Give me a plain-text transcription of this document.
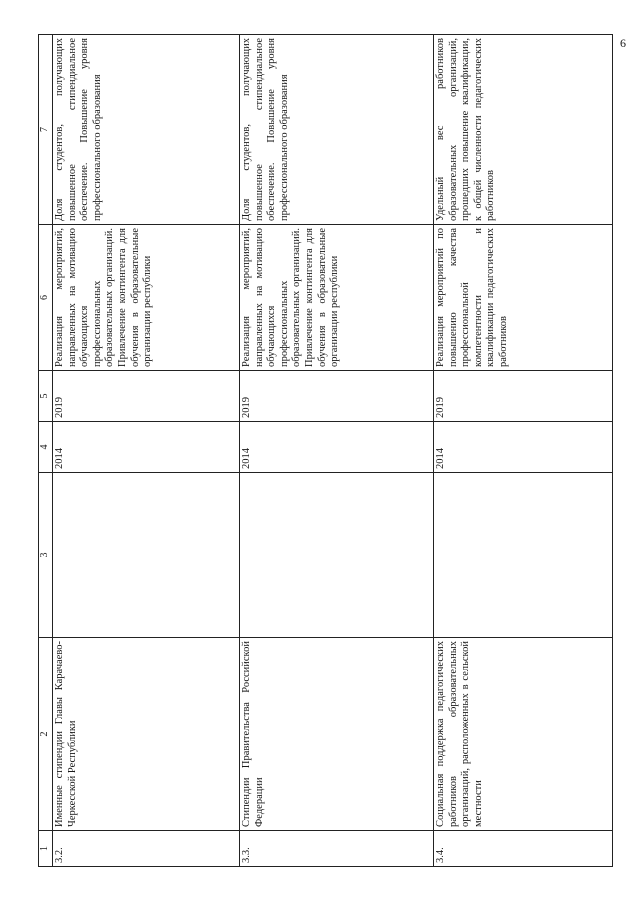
6
1	2	3	4	5	6	7
3.2.	Именные стипендии Главы Карачаево-Черкесской Республики		2014	2019	Реализация мероприятий, направленных на мотивацию обучающихся профессиональных образовательных организаций. Привлечение контингента для обучения в образовательные организации республики	Доля студентов, получающих повышенное стипендиальное обеспечение. Повышение уровня профессионального образования
3.3.	Стипендии Правительства Российской Федерации		2014	2019	Реализация мероприятий, направленных на мотивацию обучающихся профессиональных образовательных организаций. Привлечение контингента для обучения в образовательные организации республики	Доля студентов, получающих повышенное стипендиальное обеспечение. Повышение уровня профессионального образования
3.4.	Социальная поддержка педагогических работников образовательных организаций, расположенных в сельской местности		2014	2019	Реализация мероприятий по повышению качества профессиональной компетентности и квалификации педагогических работников	Удельный вес работников образовательных организаций, прошедших повышение квалификации, к общей численности педагогических работников
